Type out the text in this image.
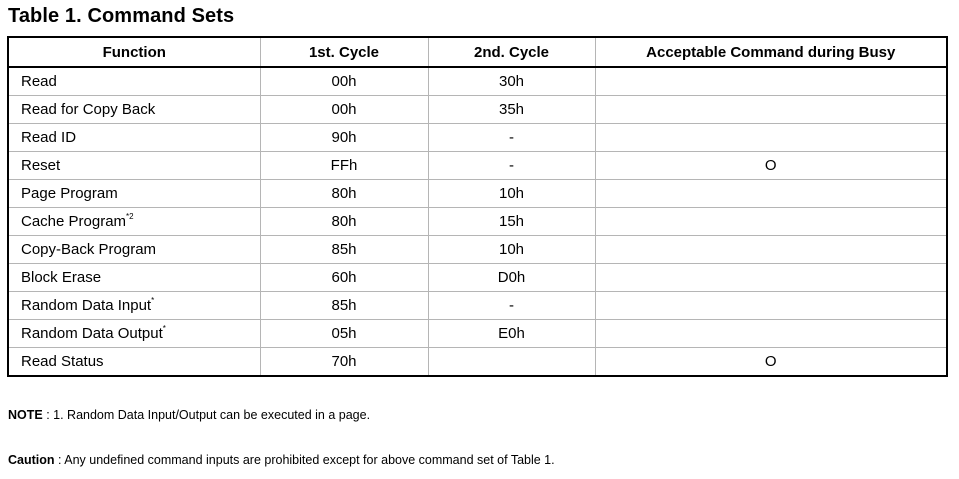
Table 1. Command Sets
Function	1st. Cycle	2nd. Cycle	Acceptable Command during Busy
Read	00h	30h	
Read for Copy Back	00h	35h	
Read ID	90h	-	
Reset	FFh	-	O
Page Program	80h	10h	
Cache Program$^{*2}$	80h	15h	
Copy-Back Program	85h	10h	
Block Erase	60h	D0h	
Random Data Input*	85h	-	
Random Data Output*	05h	E0h	
Read Status	70h		O
NOTE : 1. Random Data Input/Output can be executed in a page.
Caution : Any undefined command inputs are prohibited except for above command set of Table 1.
